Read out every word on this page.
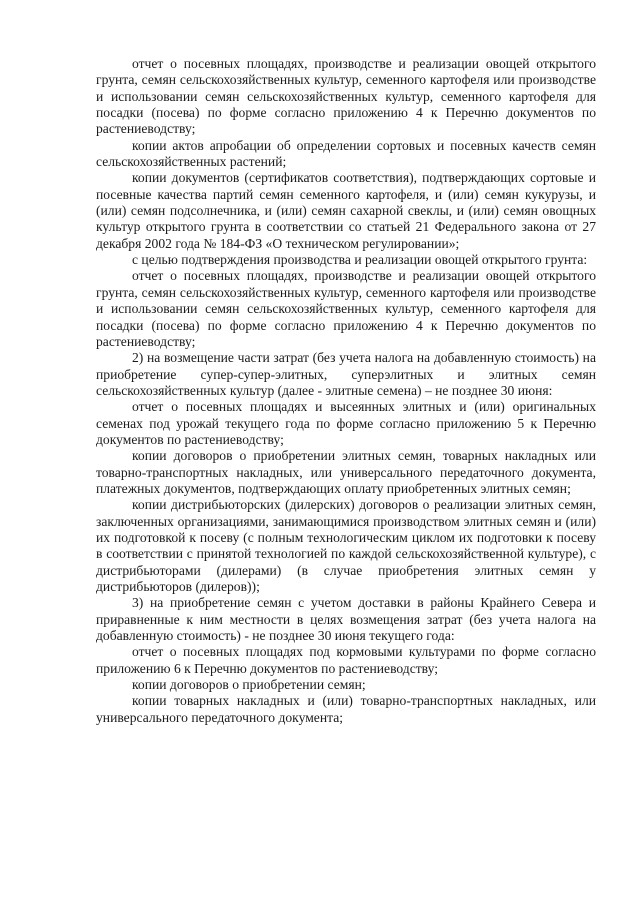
отчет о посевных площадях, производстве и реализации овощей открытого грунта, семян сельскохозяйственных культур, семенного картофеля или производстве и использовании семян сельскохозяйственных культур, семенного картофеля для посадки (посева) по форме согласно приложению 4 к Перечню документов по растениеводству;

копии актов апробации об определении сортовых и посевных качеств семян сельскохозяйственных растений;

копии документов (сертификатов соответствия), подтверждающих сортовые и посевные качества партий семян семенного картофеля, и (или) семян кукурузы, и (или) семян подсолнечника, и (или) семян сахарной свеклы, и (или) семян овощных культур открытого грунта в соответствии со статьей 21 Федерального закона от 27 декабря 2002 года № 184-ФЗ «О техническом регулировании»;

с целью подтверждения производства и реализации овощей открытого грунта:

отчет о посевных площадях, производстве и реализации овощей открытого грунта, семян сельскохозяйственных культур, семенного картофеля или производстве и использовании семян сельскохозяйственных культур, семенного картофеля для посадки (посева) по форме согласно приложению 4 к Перечню документов по растениеводству;

2) на возмещение части затрат (без учета налога на добавленную стоимость) на приобретение супер-супер-элитных, суперэлитных и элитных семян сельскохозяйственных культур (далее - элитные семена) – не позднее 30 июня:

отчет о посевных площадях и высеянных элитных и (или) оригинальных семенах под урожай текущего года по форме согласно приложению 5 к Перечню документов по растениеводству;

копии договоров о приобретении элитных семян, товарных накладных или товарно-транспортных накладных, или универсального передаточного документа, платежных документов, подтверждающих оплату приобретенных элитных семян;

копии дистрибьюторских (дилерских) договоров о реализации элитных семян, заключенных организациями, занимающимися производством элитных семян и (или) их подготовкой к посеву (с полным технологическим циклом их подготовки к посеву в соответствии с принятой технологией по каждой сельскохозяйственной культуре), с дистрибьюторами (дилерами) (в случае приобретения элитных семян у дистрибьюторов (дилеров));

3) на приобретение семян с учетом доставки в районы Крайнего Севера и приравненные к ним местности в целях возмещения затрат (без учета налога на добавленную стоимость) - не позднее 30 июня текущего года:

отчет о посевных площадях под кормовыми культурами по форме согласно приложению 6 к Перечню документов по растениеводству;

копии договоров о приобретении семян;

копии товарных накладных и (или) товарно-транспортных накладных, или универсального передаточного документа;
